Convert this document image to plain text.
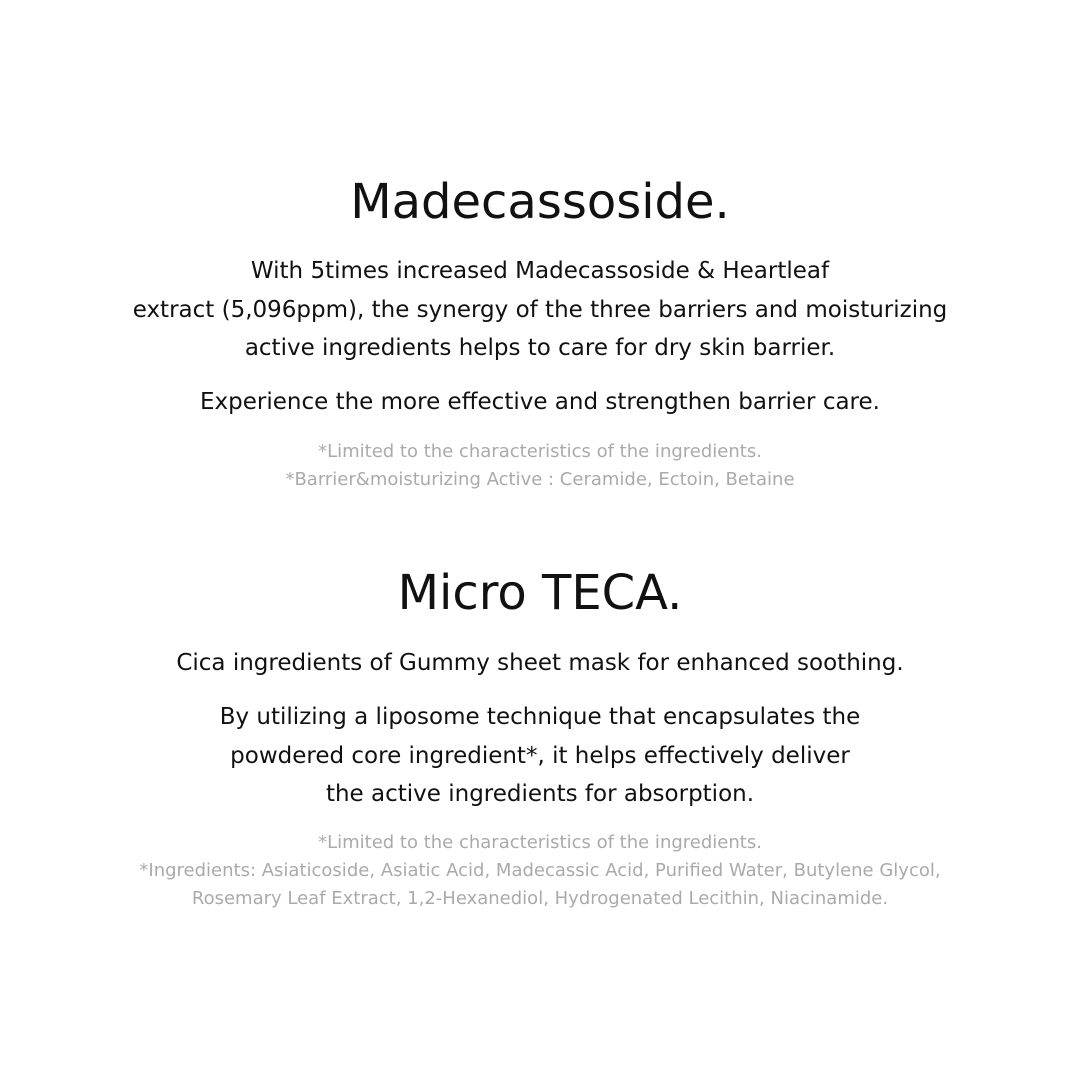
Madecassoside.

With 5times increased Madecassoside & Heartleaf
extract (5,096ppm), the synergy of the three barriers and moisturizing
active ingredients helps to care for dry skin barrier.

Experience the more effective and strengthen barrier care.

*Limited to the characteristics of the ingredients.
*Barrier&moisturizing Active : Ceramide, Ectoin, Betaine

Micro TECA.

Cica ingredients of Gummy sheet mask for enhanced soothing.

By utilizing a liposome technique that encapsulates the
powdered core ingredient*, it helps effectively deliver
the active ingredients for absorption.

*Limited to the characteristics of the ingredients.
*Ingredients: Asiaticoside, Asiatic Acid, Madecassic Acid, Purified Water, Butylene Glycol,
Rosemary Leaf Extract, 1,2-Hexanediol, Hydrogenated Lecithin, Niacinamide.
